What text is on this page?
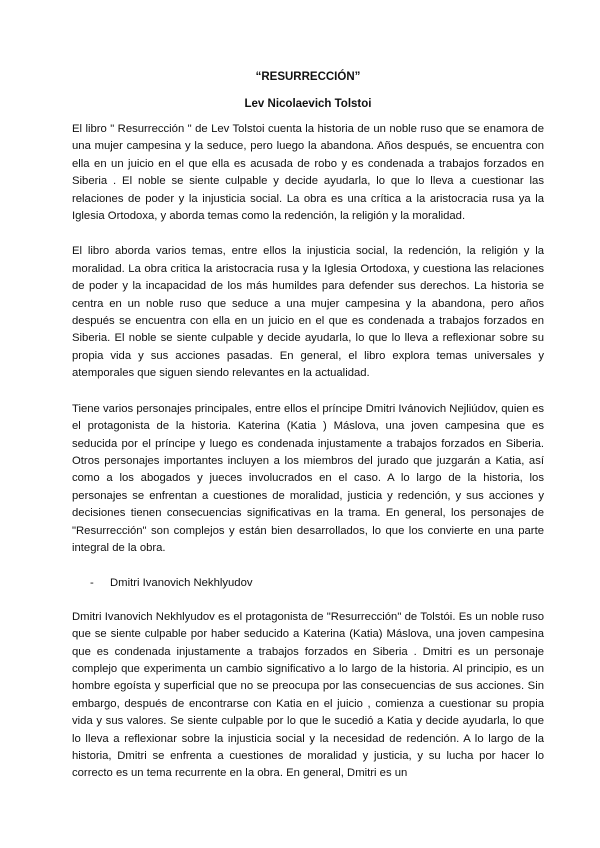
“RESURRECCIÓN”
Lev Nicolaevich Tolstoi

El libro " Resurrección " de Lev Tolstoi cuenta la historia de un noble ruso que se enamora de una mujer campesina y la seduce, pero luego la abandona. Años después, se encuentra con ella en un juicio en el que ella es acusada de robo y es condenada a trabajos forzados en Siberia . El noble se siente culpable y decide ayudarla, lo que lo lleva a cuestionar las relaciones de poder y la injusticia social. La obra es una crítica a la aristocracia rusa ya la Iglesia Ortodoxa, y aborda temas como la redención, la religión y la moralidad.

El libro aborda varios temas, entre ellos la injusticia social, la redención, la religión y la moralidad. La obra critica la aristocracia rusa y la Iglesia Ortodoxa, y cuestiona las relaciones de poder y la incapacidad de los más humildes para defender sus derechos. La historia se centra en un noble ruso que seduce a una mujer campesina y la abandona, pero años después se encuentra con ella en un juicio en el que es condenada a trabajos forzados en Siberia. El noble se siente culpable y decide ayudarla, lo que lo lleva a reflexionar sobre su propia vida y sus acciones pasadas. En general, el libro explora temas universales y atemporales que siguen siendo relevantes en la actualidad.

Tiene varios personajes principales, entre ellos el príncipe Dmitri Ivánovich Nejliúdov, quien es el protagonista de la historia. Katerina (Katia ) Máslova, una joven campesina que es seducida por el príncipe y luego es condenada injustamente a trabajos forzados en Siberia. Otros personajes importantes incluyen a los miembros del jurado que juzgarán a Katia, así como a los abogados y jueces involucrados en el caso. A lo largo de la historia, los personajes se enfrentan a cuestiones de moralidad, justicia y redención, y sus acciones y decisiones tienen consecuencias significativas en la trama. En general, los personajes de "Resurrección" son complejos y están bien desarrollados, lo que los convierte en una parte integral de la obra.

-	Dmitri Ivanovich Nekhlyudov

Dmitri Ivanovich Nekhlyudov es el protagonista de "Resurrección" de Tolstói. Es un noble ruso que se siente culpable por haber seducido a Katerina (Katia) Máslova, una joven campesina que es condenada injustamente a trabajos forzados en Siberia . Dmitri es un personaje complejo que experimenta un cambio significativo a lo largo de la historia. Al principio, es un hombre egoísta y superficial que no se preocupa por las consecuencias de sus acciones. Sin embargo, después de encontrarse con Katia en el juicio , comienza a cuestionar su propia vida y sus valores. Se siente culpable por lo que le sucedió a Katia y decide ayudarla, lo que lo lleva a reflexionar sobre la injusticia social y la necesidad de redención. A lo largo de la historia, Dmitri se enfrenta a cuestiones de moralidad y justicia, y su lucha por hacer lo correcto es un tema recurrente en la obra. En general, Dmitri es un
